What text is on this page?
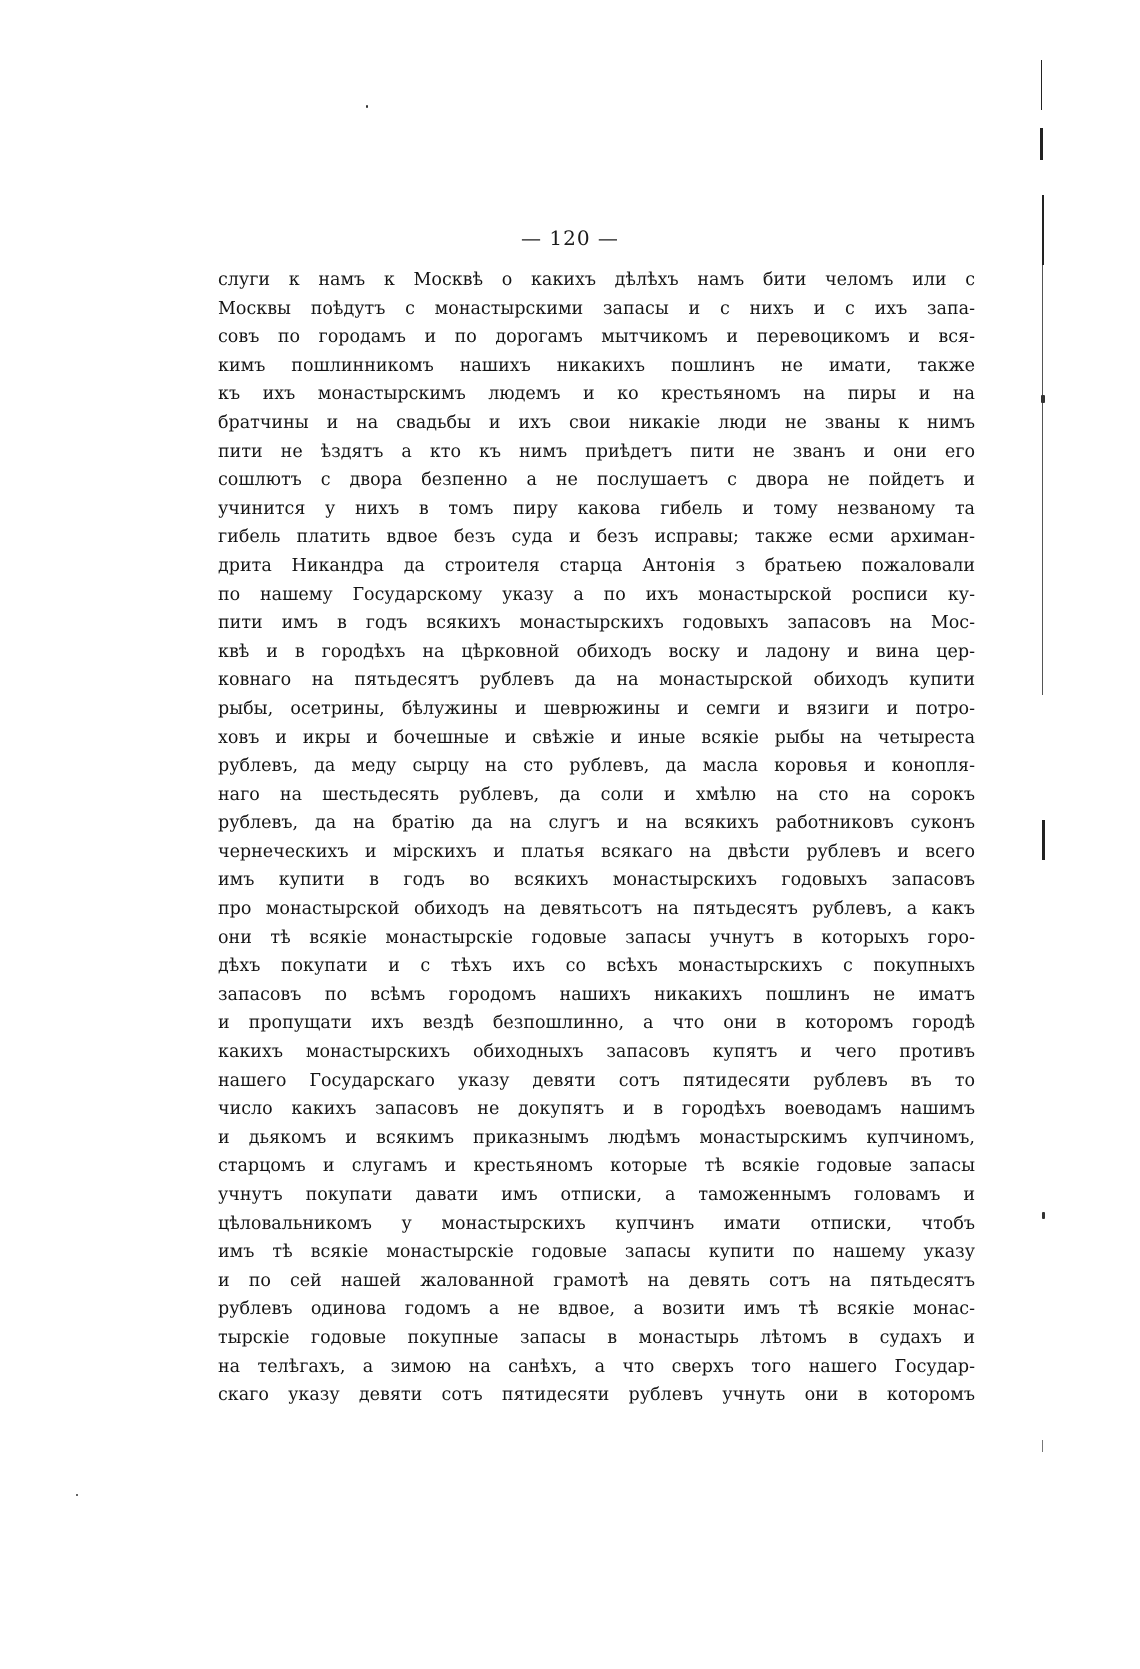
— 120 —
слуги к намъ к Москвѣ о какихъ дѣлѣхъ намъ бити челомъ или с
Москвы поѣдутъ с монастырскими запасы и с нихъ и с ихъ запа-
совъ по городамъ и по дорогамъ мытчикомъ и перевоцикомъ и вся-
кимъ пошлинникомъ нашихъ никакихъ пошлинъ не имати, также
къ ихъ монастырскимъ людемъ и ко крестьяномъ на пиры и на
братчины и на свадьбы и ихъ свои никакіе люди не званы к нимъ
пити не ѣздятъ а кто къ нимъ приѣдетъ пити не званъ и они его
сошлютъ с двора безпенно а не послушаетъ с двора не пойдетъ и
учинится у нихъ в томъ пиру какова гибель и тому незваному та
гибель платить вдвое безъ суда и безъ исправы; также есми архиман-
дрита Никандра да строителя старца Антонія з братьею пожаловали
по нашему Государскому указу а по ихъ монастырской росписи ку-
пити имъ в годъ всякихъ монастырскихъ годовыхъ запасовъ на Мос-
квѣ и в городѣхъ на цѣрковной обиходъ воску и ладону и вина цер-
ковнаго на пятьдесятъ рублевъ да на монастырской обиходъ купити
рыбы, осетрины, бѣлужины и шеврюжины и семги и вязиги и потро-
ховъ и икры и бочешные и свѣжіе и иные всякіе рыбы на четыреста
рублевъ, да меду сырцу на сто рублевъ, да масла коровья и конопля-
наго на шестьдесять рублевъ, да соли и хмѣлю на сто на сорокъ
рублевъ, да на братію да на слугъ и на всякихъ работниковъ суконъ
чернеческихъ и мірскихъ и платья всякаго на двѣсти рублевъ и всего
имъ купити в годъ во всякихъ монастырскихъ годовыхъ запасовъ
про монастырской обиходъ на девятьсотъ на пятьдесятъ рублевъ, а какъ
они тѣ всякіе монастырскіе годовые запасы учнутъ в которыхъ горо-
дѣхъ покупати и с тѣхъ ихъ со всѣхъ монастырскихъ с покупныхъ
запасовъ по всѣмъ городомъ нашихъ никакихъ пошлинъ не иматъ
и пропущати ихъ вездѣ безпошлинно, а что они в которомъ городѣ
какихъ монастырскихъ обиходныхъ запасовъ купятъ и чего противъ
нашего Государскаго указу девяти сотъ пятидесяти рублевъ въ то
число какихъ запасовъ не докупятъ и в городѣхъ воеводамъ нашимъ
и дьякомъ и всякимъ приказнымъ людѣмъ монастырскимъ купчиномъ,
старцомъ и слугамъ и крестьяномъ которые тѣ всякіе годовые запасы
учнутъ покупати давати имъ отписки, а таможеннымъ головамъ и
цѣловальникомъ у монастырскихъ купчинъ имати отписки, чтобъ
имъ тѣ всякіе монастырскіе годовые запасы купити по нашему указу
и по сей нашей жалованной грамотѣ на девять сотъ на пятьдесятъ
рублевъ одинова годомъ а не вдвое, а возити имъ тѣ всякіе монас-
тырскіе годовые покупные запасы в монастырь лѣтомъ в судахъ и
на телѣгахъ, а зимою на санѣхъ, а что сверхъ того нашего Государ-
скаго указу девяти сотъ пятидесяти рублевъ учнуть они в которомъ
